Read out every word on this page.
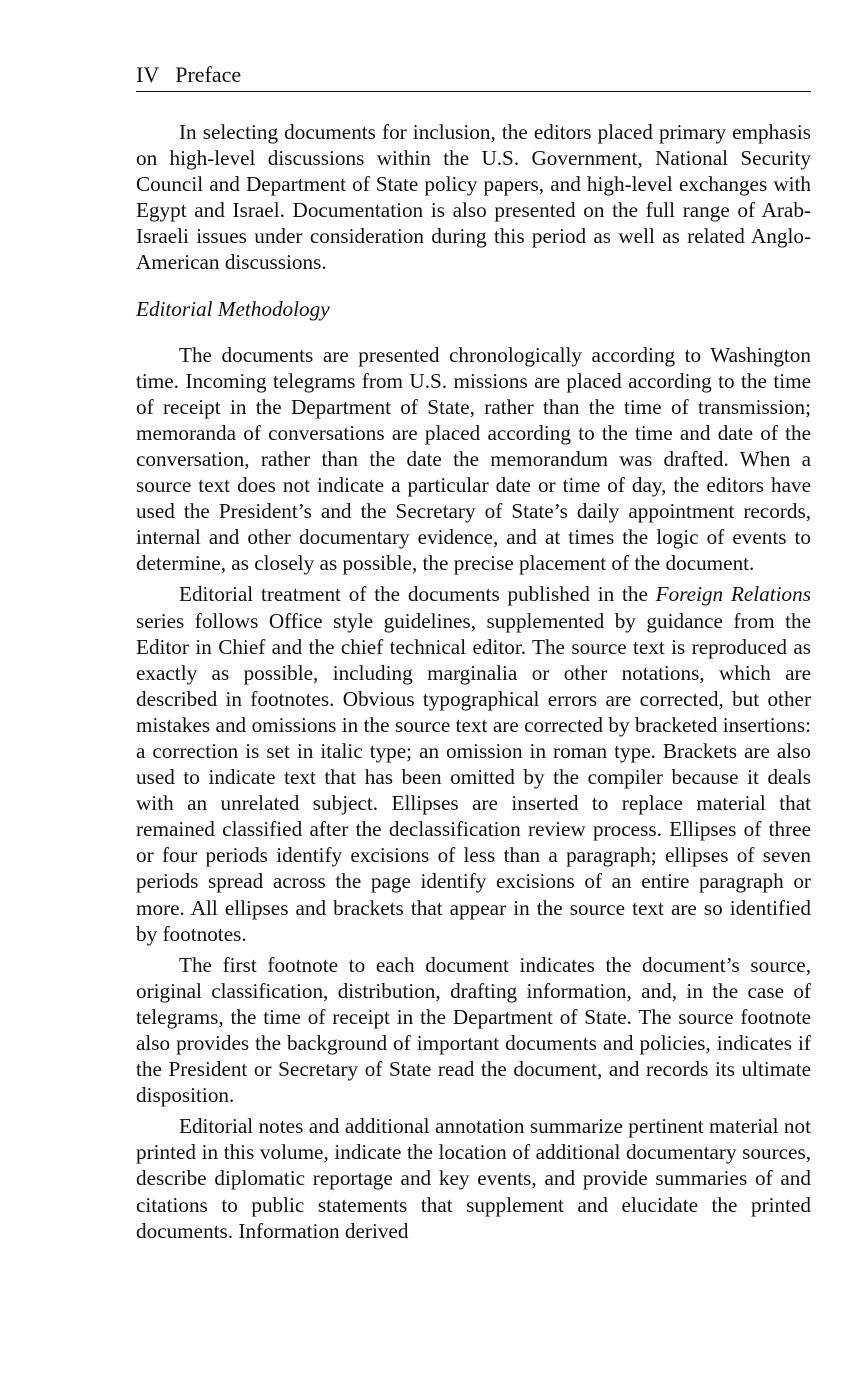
IV Preface

In selecting documents for inclusion, the editors placed primary emphasis on high-level discussions within the U.S. Government, National Security Council and Department of State policy papers, and high-level exchanges with Egypt and Israel. Documentation is also presented on the full range of Arab-Israeli issues under consideration during this period as well as related Anglo-American discussions.

Editorial Methodology

The documents are presented chronologically according to Washington time. Incoming telegrams from U.S. missions are placed according to the time of receipt in the Department of State, rather than the time of transmission; memoranda of conversations are placed according to the time and date of the conversation, rather than the date the memorandum was drafted. When a source text does not indicate a particular date or time of day, the editors have used the President’s and the Secretary of State’s daily appointment records, internal and other documentary evidence, and at times the logic of events to determine, as closely as possible, the precise placement of the document.

Editorial treatment of the documents published in the Foreign Relations series follows Office style guidelines, supplemented by guidance from the Editor in Chief and the chief technical editor. The source text is reproduced as exactly as possible, including marginalia or other notations, which are described in footnotes. Obvious typographical errors are corrected, but other mistakes and omissions in the source text are corrected by bracketed insertions: a correction is set in italic type; an omission in roman type. Brackets are also used to indicate text that has been omitted by the compiler because it deals with an unrelated subject. Ellipses are inserted to replace material that remained classified after the declassification review process. Ellipses of three or four periods identify excisions of less than a paragraph; ellipses of seven periods spread across the page identify excisions of an entire paragraph or more. All ellipses and brackets that appear in the source text are so identified by footnotes.

The first footnote to each document indicates the document’s source, original classification, distribution, drafting information, and, in the case of telegrams, the time of receipt in the Department of State. The source footnote also provides the background of important documents and policies, indicates if the President or Secretary of State read the document, and records its ultimate disposition.

Editorial notes and additional annotation summarize pertinent material not printed in this volume, indicate the location of additional documentary sources, describe diplomatic reportage and key events, and provide summaries of and citations to public statements that supplement and elucidate the printed documents. Information derived
